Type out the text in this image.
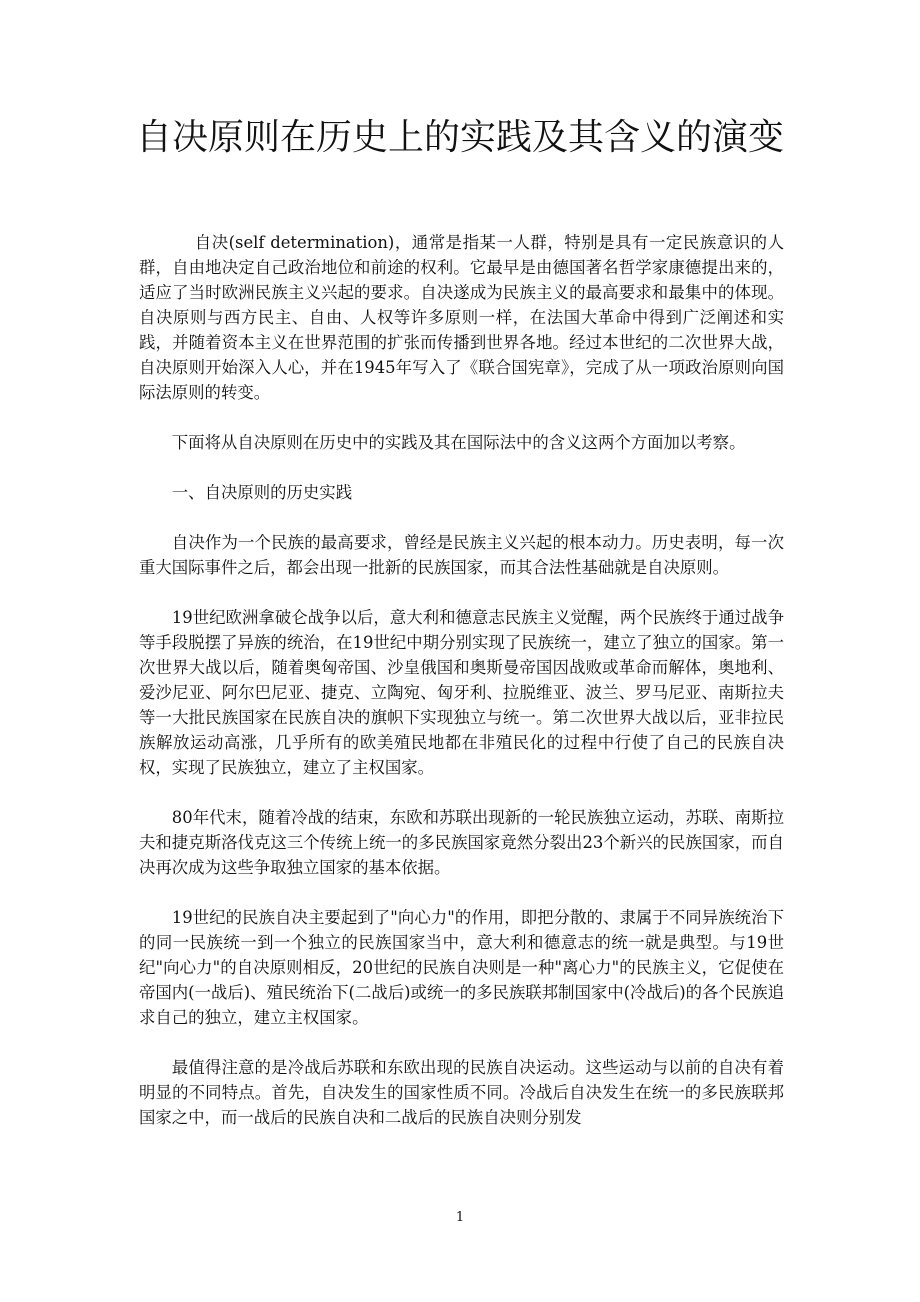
自决原则在历史上的实践及其含义的演变

自决(self determination)，通常是指某一人群，特别是具有一定民族意识的人群，自由地决定自己政治地位和前途的权利。它最早是由德国著名哲学家康德提出来的，适应了当时欧洲民族主义兴起的要求。自决遂成为民族主义的最高要求和最集中的体现。自决原则与西方民主、自由、人权等许多原则一样，在法国大革命中得到广泛阐述和实践，并随着资本主义在世界范围的扩张而传播到世界各地。经过本世纪的二次世界大战，自决原则开始深入人心，并在1945年写入了《联合国宪章》，完成了从一项政治原则向国际法原则的转变。

下面将从自决原则在历史中的实践及其在国际法中的含义这两个方面加以考察。

一、自决原则的历史实践

自决作为一个民族的最高要求，曾经是民族主义兴起的根本动力。历史表明，每一次重大国际事件之后，都会出现一批新的民族国家，而其合法性基础就是自决原则。

19世纪欧洲拿破仑战争以后，意大利和德意志民族主义觉醒，两个民族终于通过战争等手段脱摆了异族的统治，在19世纪中期分别实现了民族统一，建立了独立的国家。第一次世界大战以后，随着奥匈帝国、沙皇俄国和奥斯曼帝国因战败或革命而解体，奥地利、爱沙尼亚、阿尔巴尼亚、捷克、立陶宛、匈牙利、拉脱维亚、波兰、罗马尼亚、南斯拉夫等一大批民族国家在民族自决的旗帜下实现独立与统一。第二次世界大战以后，亚非拉民族解放运动高涨，几乎所有的欧美殖民地都在非殖民化的过程中行使了自己的民族自决权，实现了民族独立，建立了主权国家。

80年代末，随着冷战的结束，东欧和苏联出现新的一轮民族独立运动，苏联、南斯拉夫和捷克斯洛伐克这三个传统上统一的多民族国家竟然分裂出23个新兴的民族国家，而自决再次成为这些争取独立国家的基本依据。

19世纪的民族自决主要起到了"向心力"的作用，即把分散的、隶属于不同异族统治下的同一民族统一到一个独立的民族国家当中，意大利和德意志的统一就是典型。与19世纪"向心力"的自决原则相反，20世纪的民族自决则是一种"离心力"的民族主义，它促使在帝国内(一战后)、殖民统治下(二战后)或统一的多民族联邦制国家中(冷战后)的各个民族追求自己的独立，建立主权国家。

最值得注意的是冷战后苏联和东欧出现的民族自决运动。这些运动与以前的自决有着明显的不同特点。首先，自决发生的国家性质不同。冷战后自决发生在统一的多民族联邦国家之中，而一战后的民族自决和二战后的民族自决则分别发

1
